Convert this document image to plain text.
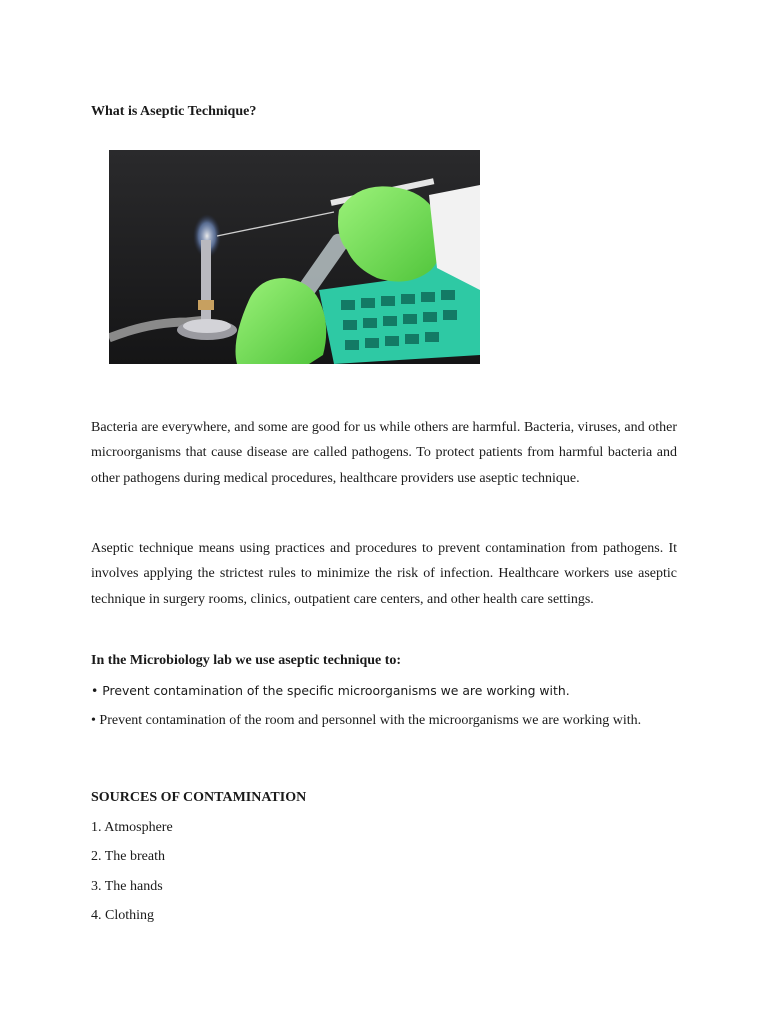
What is Aseptic Technique?

Bacteria are everywhere, and some are good for us while others are harmful. Bacteria, viruses, and other microorganisms that cause disease are called pathogens. To protect patients from harmful bacteria and other pathogens during medical procedures, healthcare providers use aseptic technique.

Aseptic technique means using practices and procedures to prevent contamination from pathogens. It involves applying the strictest rules to minimize the risk of infection. Healthcare workers use aseptic technique in surgery rooms, clinics, outpatient care centers, and other health care settings.

In the Microbiology lab we use aseptic technique to:

• Prevent contamination of the specific microorganisms we are working with.

• Prevent contamination of the room and personnel with the microorganisms we are working with.

SOURCES OF CONTAMINATION

1. Atmosphere

2. The breath

3. The hands

4. Clothing
